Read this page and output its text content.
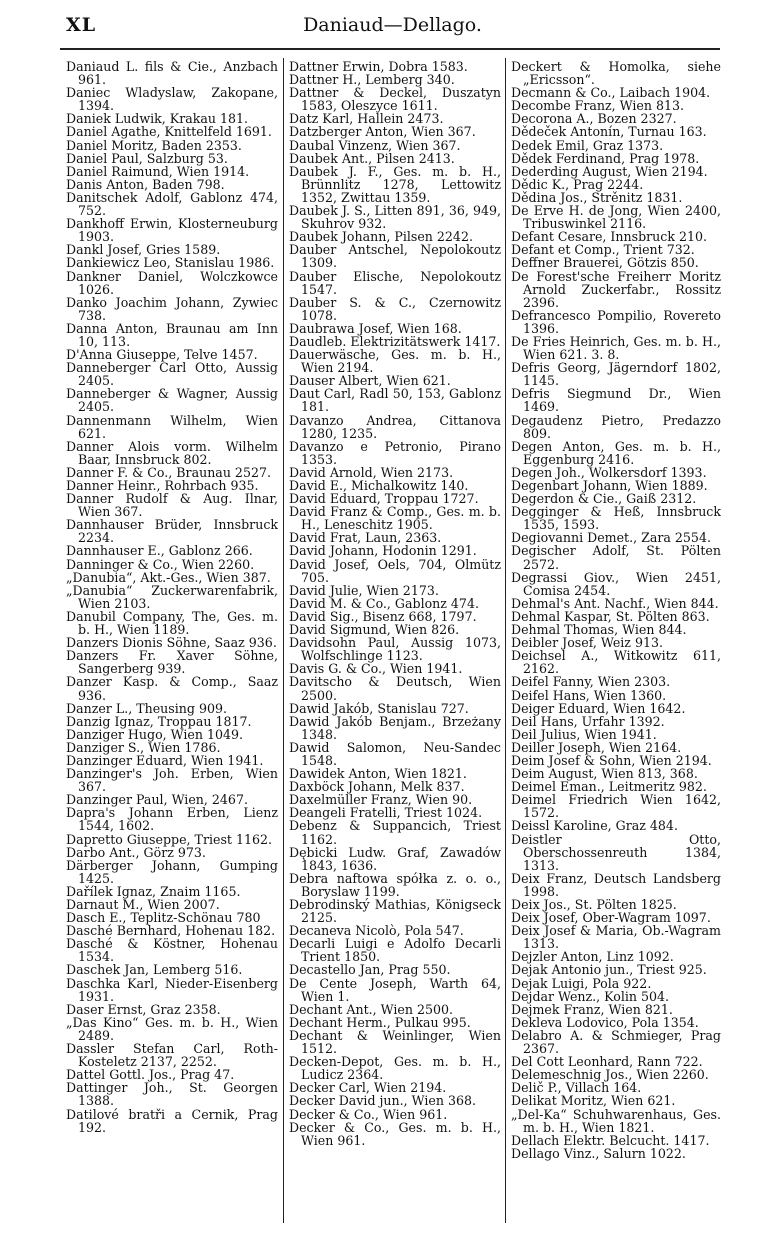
XL	Daniaud—Dellago.

Daniaud L. fils & Cie., Anzbach 961.

Daniec Wladyslaw, Zakopane, 1394.

Daniek Ludwik, Krakau 181.

Daniel Agathe, Knittelfeld 1691.

Daniel Moritz, Baden 2353.

Daniel Paul, Salzburg 53.

Daniel Raimund, Wien 1914.

Danis Anton, Baden 798.

Danitschek Adolf, Gablonz 474, 752.

Dankhoff Erwin, Klosterneuburg 1903.

Dankl Josef, Gries 1589.

Dankiewicz Leo, Stanislau 1986.

Dankner Daniel, Wolczkowce 1026.

Danko Joachim Johann, Zywiec 738.

Danna Anton, Braunau am Inn 10, 113.

D'Anna Giuseppe, Telve 1457.

Danneberger Carl Otto, Aussig 2405.

Danneberger & Wagner, Aussig 2405.

Dannenmann Wilhelm, Wien 621.

Danner Alois vorm. Wilhelm Baar, Innsbruck 802.

Danner F. & Co., Braunau 2527.

Danner Heinr., Rohrbach 935.

Danner Rudolf & Aug. Ilnar, Wien 367.

Dannhauser Brüder, Innsbruck 2234.

Dannhauser E., Gablonz 266.

Danninger & Co., Wien 2260.

„Danubia“, Akt.-Ges., Wien 387.

„Danubia“ Zuckerwarenfabrik, Wien 2103.

Danubil Company, The, Ges. m. b. H., Wien 1189.

Danzers Dionis Söhne, Saaz 936.

Danzers Fr. Xaver Söhne, Sangerberg 939.

Danzer Kasp. & Comp., Saaz 936.

Danzer L., Theusing 909.

Danzig Ignaz, Troppau 1817.

Danziger Hugo, Wien 1049.

Danziger S., Wien 1786.

Danzinger Eduard, Wien 1941.

Danzinger's Joh. Erben, Wien 367.

Danzinger Paul, Wien, 2467.

Dapra's Johann Erben, Lienz 1544, 1602.

Dapretto Giuseppe, Triest 1162.

Darbo Ant., Görz 973.

Därberger Johann, Gumping 1425.

Dařílek Ignaz, Znaim 1165.

Darnaut M., Wien 2007.

Dasch E., Teplitz-Schönau 780

Dasché Bernhard, Hohenau 182.

Dasché & Köstner, Hohenau 1534.

Daschek Jan, Lemberg 516.

Daschka Karl, Nieder-Eisenberg 1931.

Daser Ernst, Graz 2358.

„Das Kino“ Ges. m. b. H., Wien 2489.

Dassler Stefan Carl, Roth-Kosteletz 2137, 2252.

Dattel Gottl. Jos., Prag 47.

Dattinger Joh., St. Georgen 1388.

Datilové bratři a Cernik, Prag 192.

Dattner Erwin, Dobra 1583.

Dattner H., Lemberg 340.

Dattner & Deckel, Duszatyn 1583, Oleszyce 1611.

Datz Karl, Hallein 2473.

Datzberger Anton, Wien 367.

Daubal Vinzenz, Wien 367.

Daubek Ant., Pilsen 2413.

Daubek J. F., Ges. m. b. H., Brünnlitz 1278, Lettowitz 1352, Zwittau 1359.

Daubek J. S., Litten 891, 36, 949, Skuhrov 932.

Daubek Johann, Pilsen 2242.

Dauber Antschel, Nepolokoutz 1309.

Dauber Elische, Nepolokoutz 1547.

Dauber S. & C., Czernowitz 1078.

Daubrawa Josef, Wien 168.

Daudleb. Elektrizitätswerk 1417.

Dauerwäsche, Ges. m. b. H., Wien 2194.

Dauser Albert, Wien 621.

Daut Carl, Radl 50, 153, Gablonz 181.

Davanzo Andrea, Cittanova 1280, 1235.

Davanzo e Petronio, Pirano 1353.

David Arnold, Wien 2173.

David E., Michalkowitz 140.

David Eduard, Troppau 1727.

David Franz & Comp., Ges. m. b. H., Leneschitz 1905.

David Frat, Laun, 2363.

David Johann, Hodonin 1291.

David Josef, Oels, 704, Olmütz 705.

David Julie, Wien 2173.

David M. & Co., Gablonz 474.

David Sig., Bisenz 668, 1797.

David Sigmund, Wien 826.

Davidsohn Paul, Aussig 1073, Wolfschlinge 1123.

Davis G. & Co., Wien 1941.

Davitscho & Deutsch, Wien 2500.

Dawid Jakób, Stanislau 727.

Dawid Jakób Benjam., Brzeżany 1348.

Dawid Salomon, Neu-Sandec 1548.

Dawidek Anton, Wien 1821.

Daxböck Johann, Melk 837.

Daxelmüller Franz, Wien 90.

Deangeli Fratelli, Triest 1024.

Debenz & Suppancich, Triest 1162.

Dębicki Ludw. Graf, Zawadów 1843, 1636.

Debra naftowa spółka z. o. o., Boryslaw 1199.

Debrodinský Mathias, Königseck 2125.

Decaneva Nicolò, Pola 547.

Decarli Luigi e Adolfo Decarli Trient 1850.

Decastello Jan, Prag 550.

De Cente Joseph, Warth 64, Wien 1.

Dechant Ant., Wien 2500.

Dechant Herm., Pulkau 995.

Dechant & Weinlinger, Wien 1512.

Decken-Depot, Ges. m. b. H., Ludicz 2364.

Decker Carl, Wien 2194.

Decker David jun., Wien 368.

Decker & Co., Wien 961.

Decker & Co., Ges. m. b. H., Wien 961.

Deckert & Homolka, siehe „Ericsson“.

Decmann & Co., Laibach 1904.

Decombe Franz, Wien 813.

Decorona A., Bozen 2327.

Dědeček Antonín, Turnau 163.

Dedek Emil, Graz 1373.

Dědek Ferdinand, Prag 1978.

Dederding August, Wien 2194.

Dědic K., Prag 2244.

Dědina Jos., Strěnitz 1831.

De Erve H. de Jong, Wien 2400, Tribuswinkel 2116.

Defant Cesare, Innsbruck 210.

Defant et Comp., Trient 732.

Deffner Brauerei, Götzis 850.

De Forest'sche Freiherr Moritz Arnold Zuckerfabr., Rossitz 2396.

Defrancesco Pompilio, Rovereto 1396.

De Fries Heinrich, Ges. m. b. H., Wien 621. 3. 8.

Defris Georg, Jägerndorf 1802, 1145.

Defris Siegmund Dr., Wien 1469.

Degaudenz Pietro, Predazzo 809.

Degen Anton, Ges. m. b. H., Eggenburg 2416.

Degen Joh., Wolkersdorf 1393.

Degenbart Johann, Wien 1889.

Degerdon & Cie., Gaiß 2312.

Degginger & Heß, Innsbruck 1535, 1593.

Degiovanni Demet., Zara 2554.

Degischer Adolf, St. Pölten 2572.

Degrassi Giov., Wien 2451, Comisa 2454.

Dehmal's Ant. Nachf., Wien 844.

Dehmal Kaspar, St. Pölten 863.

Dehmal Thomas, Wien 844.

Deibler Josef, Weiz 913.

Deichsel A., Witkowitz 611, 2162.

Deifel Fanny, Wien 2303.

Deifel Hans, Wien 1360.

Deiger Eduard, Wien 1642.

Deil Hans, Urfahr 1392.

Deil Julius, Wien 1941.

Deiller Joseph, Wien 2164.

Deim Josef & Sohn, Wien 2194.

Deim August, Wien 813, 368.

Deimel Eman., Leitmeritz 982.

Deimel Friedrich Wien 1642, 1572.

Deissl Karoline, Graz 484.

Deistler Otto, Oberschossenreuth 1384, 1313.

Deix Franz, Deutsch Landsberg 1998.

Deix Jos., St. Pölten 1825.

Deix Josef, Ober-Wagram 1097.

Deix Josef & Maria, Ob.-Wagram 1313.

Dejzler Anton, Linz 1092.

Dejak Antonio jun., Triest 925.

Dejak Luigi, Pola 922.

Dejdar Wenz., Kolin 504.

Dejmek Franz, Wien 821.

Dekleva Lodovico, Pola 1354.

Delabro A. & Schmieger, Prag 2367.

Del Cott Leonhard, Rann 722.

Delemeschnig Jos., Wien 2260.

Delič P., Villach 164.

Delikat Moritz, Wien 621.

„Del-Ka“ Schuhwarenhaus, Ges. m. b. H., Wien 1821.

Dellach Elektr. Belcucht. 1417.

Dellago Vinz., Salurn 1022.
